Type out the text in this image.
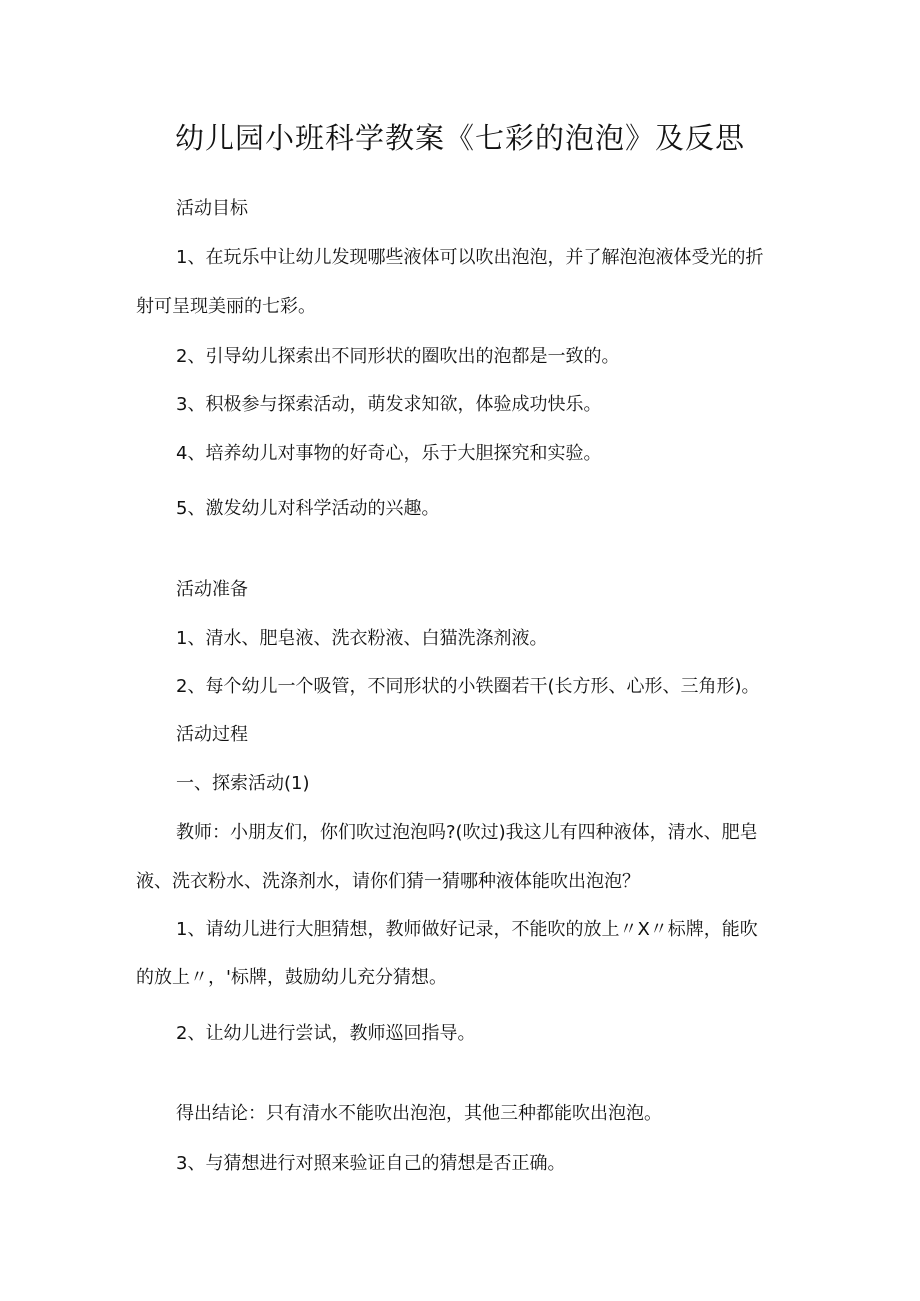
幼儿园小班科学教案《七彩的泡泡》及反思
活动目标
1、在玩乐中让幼儿发现哪些液体可以吹出泡泡，并了解泡泡液体受光的折
射可呈现美丽的七彩。
2、引导幼儿探索出不同形状的圈吹出的泡都是一致的。
3、积极参与探索活动，萌发求知欲，体验成功快乐。
4、培养幼儿对事物的好奇心，乐于大胆探究和实验。
5、激发幼儿对科学活动的兴趣。
活动准备
1、清水、肥皂液、洗衣粉液、白猫洗涤剂液。
2、每个幼儿一个吸管，不同形状的小铁圈若干(长方形、心形、三角形)。
活动过程
一、探索活动(1)
教师：小朋友们，你们吹过泡泡吗?(吹过)我这儿有四种液体，清水、肥皂
液、洗衣粉水、洗涤剂水，请你们猜一猜哪种液体能吹出泡泡？
1、请幼儿进行大胆猜想，教师做好记录，不能吹的放上〃X〃标牌，能吹
的放上〃，'标牌，鼓励幼儿充分猜想。
2、让幼儿进行尝试，教师巡回指导。
得出结论：只有清水不能吹出泡泡，其他三种都能吹出泡泡。
3、与猜想进行对照来验证自己的猜想是否正确。
